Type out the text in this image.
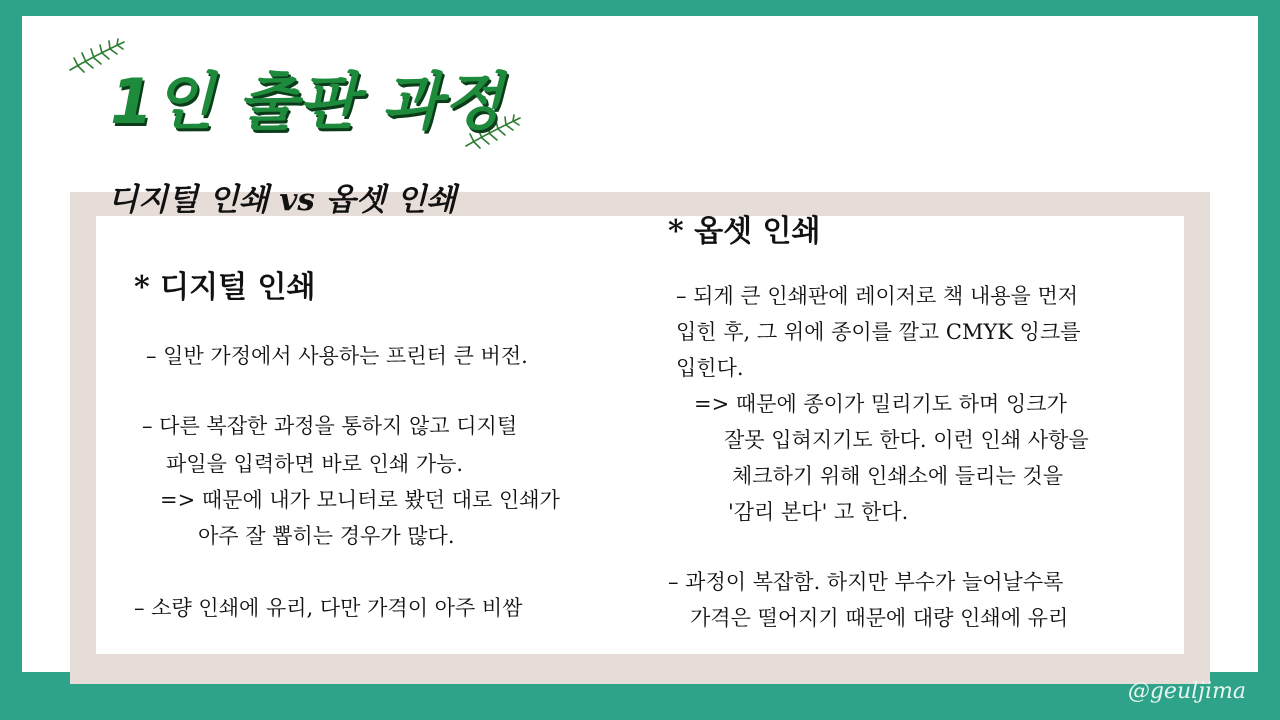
1인 출판 과정
디지털 인쇄 vs 옵셋 인쇄
* 디지털 인쇄
– 일반 가정에서 사용하는 프린터 큰 버전.
– 다른 복잡한 과정을 통하지 않고 디지털
파일을 입력하면 바로 인쇄 가능.
=> 때문에 내가 모니터로 봤던 대로 인쇄가
아주 잘 뽑히는 경우가 많다.
– 소량 인쇄에 유리, 다만 가격이 아주 비쌈
* 옵셋 인쇄
– 되게 큰 인쇄판에 레이저로 책 내용을 먼저
입힌 후, 그 위에 종이를 깔고 CMYK 잉크를
입힌다.
=> 때문에 종이가 밀리기도 하며 잉크가
잘못 입혀지기도 한다. 이런 인쇄 사항을
체크하기 위해 인쇄소에 들리는 것을
'감리 본다' 고 한다.
– 과정이 복잡함. 하지만 부수가 늘어날수록
가격은 떨어지기 때문에 대량 인쇄에 유리
@geuljima
